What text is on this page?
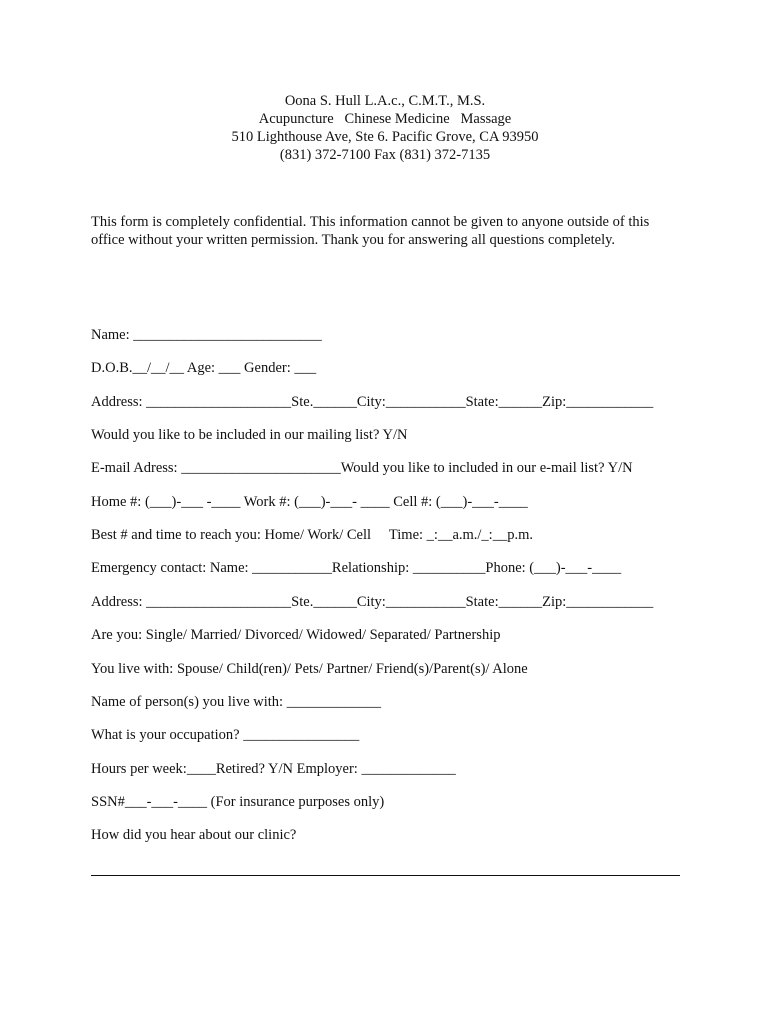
Oona S. Hull L.A.c., C.M.T., M.S.
Acupuncture   Chinese Medicine   Massage
510 Lighthouse Ave, Ste 6. Pacific Grove, CA 93950
(831) 372-7100 Fax (831) 372-7135
This form is completely confidential. This information cannot be given to anyone outside of this
office without your written permission. Thank you for answering all questions completely.
Name: __________________________
D.O.B.__/__/__ Age: ___ Gender: ___
Address: ____________________Ste.______City:___________State:______Zip:____________
Would you like to be included in our mailing list? Y/N
E-mail Adress: ______________________Would you like to included in our e-mail list? Y/N
Home #: (___)-___ -____ Work #: (___)-___- ____ Cell #: (___)-___-____
Best # and time to reach you: Home/ Work/ Cell     Time: _:__a.m./_:__p.m.
Emergency contact: Name: ___________Relationship: __________Phone: (___)-___-____
Address: ____________________Ste.______City:___________State:______Zip:____________
Are you: Single/ Married/ Divorced/ Widowed/ Separated/ Partnership
You live with: Spouse/ Child(ren)/ Pets/ Partner/ Friend(s)/Parent(s)/ Alone
Name of person(s) you live with: _____________
What is your occupation? ________________
Hours per week:____Retired? Y/N Employer: _____________
SSN#___-___-____ (For insurance purposes only)
How did you hear about our clinic?
